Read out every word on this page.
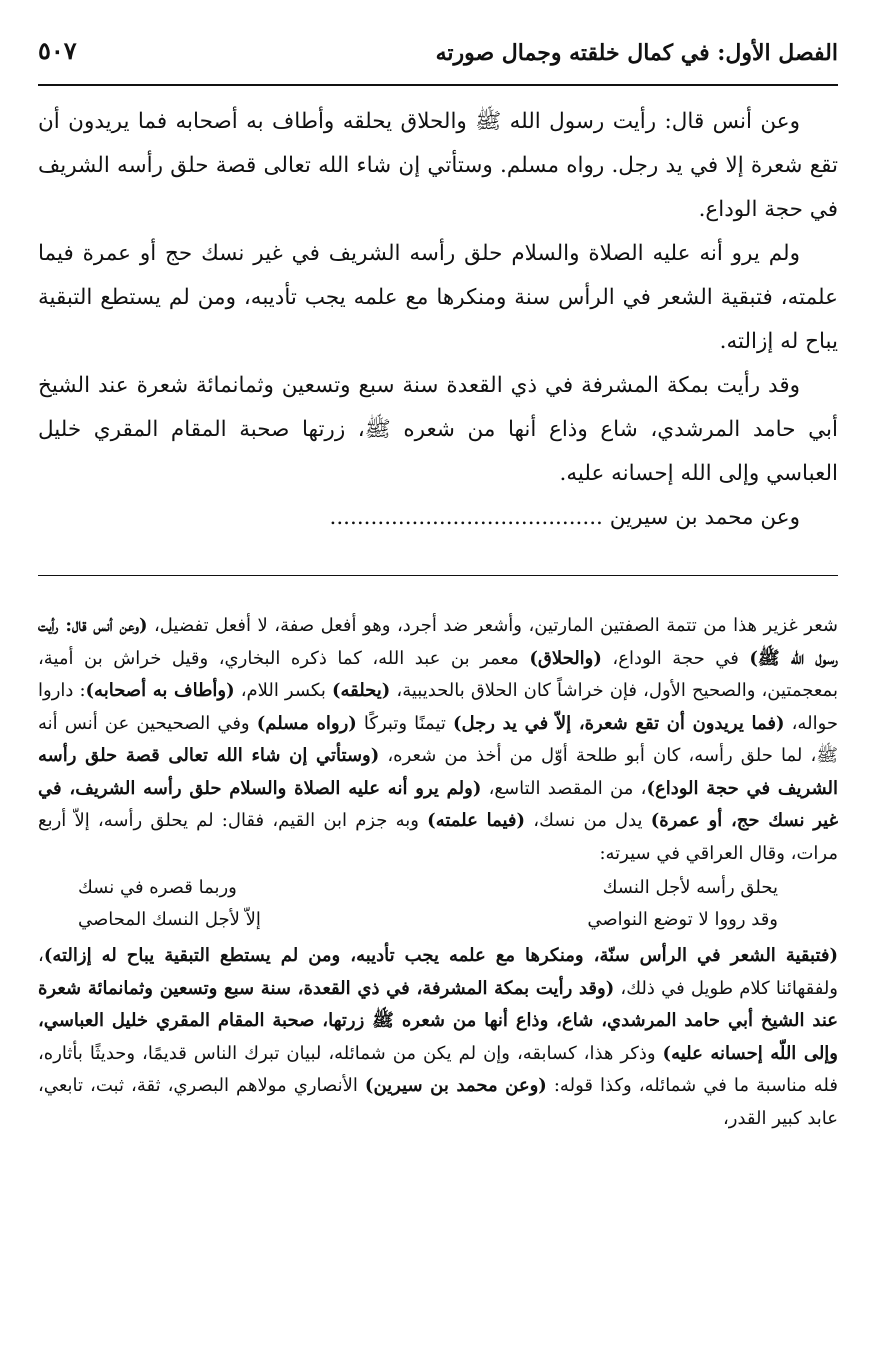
الفصل الأول: في كمال خلقته وجمال صورته
٥٠٧

وعن أنس قال: رأيت رسول الله ﷺ والحلاق يحلقه وأطاف به أصحابه فما يريدون أن تقع شعرة إلا في يد رجل. رواه مسلم. وستأتي إن شاء الله تعالى قصة حلق رأسه الشريف في حجة الوداع.

ولم يرو أنه عليه الصلاة والسلام حلق رأسه الشريف في غير نسك حج أو عمرة فيما علمته، فتبقية الشعر في الرأس سنة ومنكرها مع علمه يجب تأديبه، ومن لم يستطع التبقية يباح له إزالته.

وقد رأيت بمكة المشرفة في ذي القعدة سنة سبع وتسعين وثمانمائة شعرة عند الشيخ أبي حامد المرشدي، شاع وذاع أنها من شعره ﷺ، زرتها صحبة المقام المقري خليل العباسي وإلى الله إحسانه عليه.

وعن محمد بن سيرين ........................................

شعر غزير هذا من تتمة الصفتين المارتين، وأشعر ضد أجرد، وهو أفعل صفة، لا أفعل تفضيل، (وعن أنس قال: رأيت رسول الله ﷺ) في حجة الوداع، (والحلاق) معمر بن عبد الله، كما ذكره البخاري، وقيل خراش بن أمية، بمعجمتين، والصحيح الأول، فإن خراشاً كان الحلاق بالحديبية، (يحلقه) بكسر اللام، (وأطاف به أصحابه): داروا حواله، (فما يريدون أن تقع شعرة، إلاّ في يد رجل) تيمنًا وتبركًا (رواه مسلم) وفي الصحيحين عن أنس أنه ﷺ، لما حلق رأسه، كان أبو طلحة أوّل من أخذ من شعره، (وستأتي إن شاء الله تعالى قصة حلق رأسه الشريف في حجة الوداع)، من المقصد التاسع، (ولم يرو أنه عليه الصلاة والسلام حلق رأسه الشريف، في غير نسك حج، أو عمرة) يدل من نسك، (فيما علمته) وبه جزم ابن القيم، فقال: لم يحلق رأسه، إلاّ أربع مرات، وقال العراقي في سيرته:

يحلق رأسه لأجل النسك
وربما قصره في نسك
وقد رووا لا توضع النواصي
إلاّ لأجل النسك المحاصي

(فتبقية الشعر في الرأس سنّة، ومنكرها مع علمه يجب تأديبه، ومن لم يستطع التبقية يباح له إزالته)، ولفقهائنا كلام طويل في ذلك، (وقد رأيت بمكة المشرفة، في ذي القعدة، سنة سبع وتسعين وثمانمائة شعرة عند الشيخ أبي حامد المرشدي، شاع، وذاع أنها من شعره ﷺ زرتها، صحبة المقام المقري خليل العباسي، وإلى اللّه إحسانه عليه) وذكر هذا، كسابقه، وإن لم يكن من شمائله، لبيان تبرك الناس قديمًا، وحديثًا بأثاره، فله مناسبة ما في شمائله، وكذا قوله: (وعن محمد بن سيرين) الأنصاري مولاهم البصري، ثقة، ثبت، تابعي، عابد كبير القدر،
